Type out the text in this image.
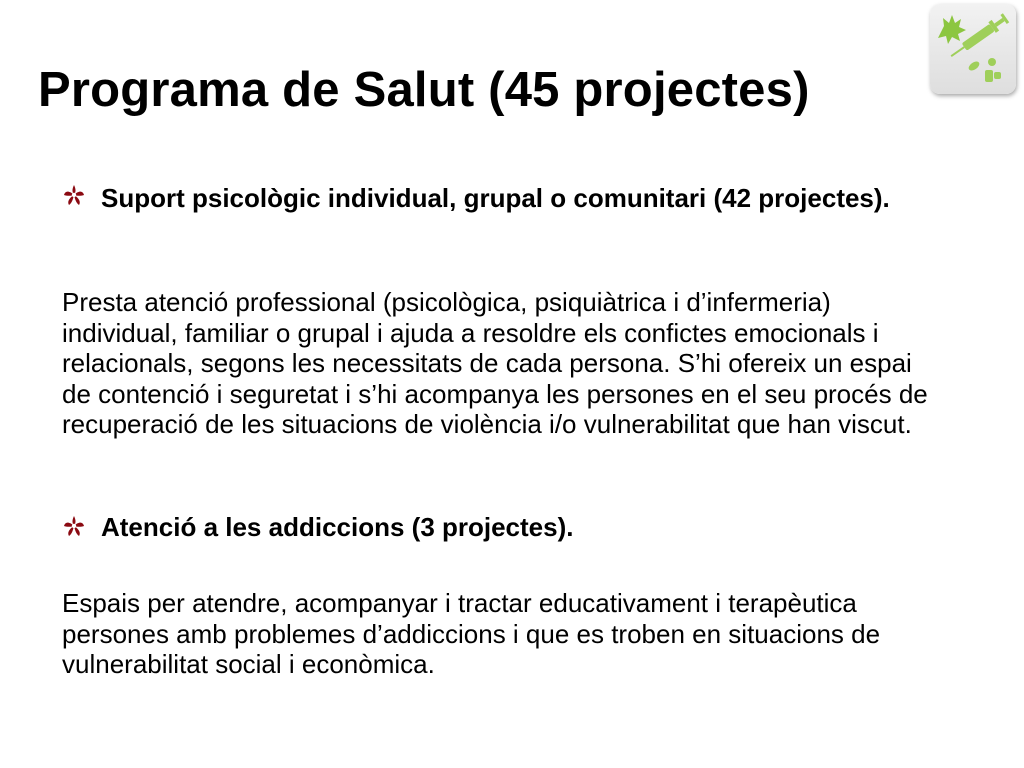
Programa de Salut (45 projectes)

Suport psicològic individual, grupal o comunitari (42 projectes).

Presta atenció professional (psicològica, psiquiàtrica i d’infermeria) individual, familiar o grupal i ajuda a resoldre els confictes emocionals i relacionals, segons les necessitats de cada persona. S’hi ofereix un espai de contenció i seguretat i s’hi acompanya les persones en el seu procés de recuperació de les situacions de violència i/o vulnerabilitat que han viscut.

Atenció a les addiccions (3 projectes).

Espais per atendre, acompanyar i tractar educativament i terapèutica persones amb problemes d’addiccions i que es troben en situacions de vulnerabilitat social i econòmica.
